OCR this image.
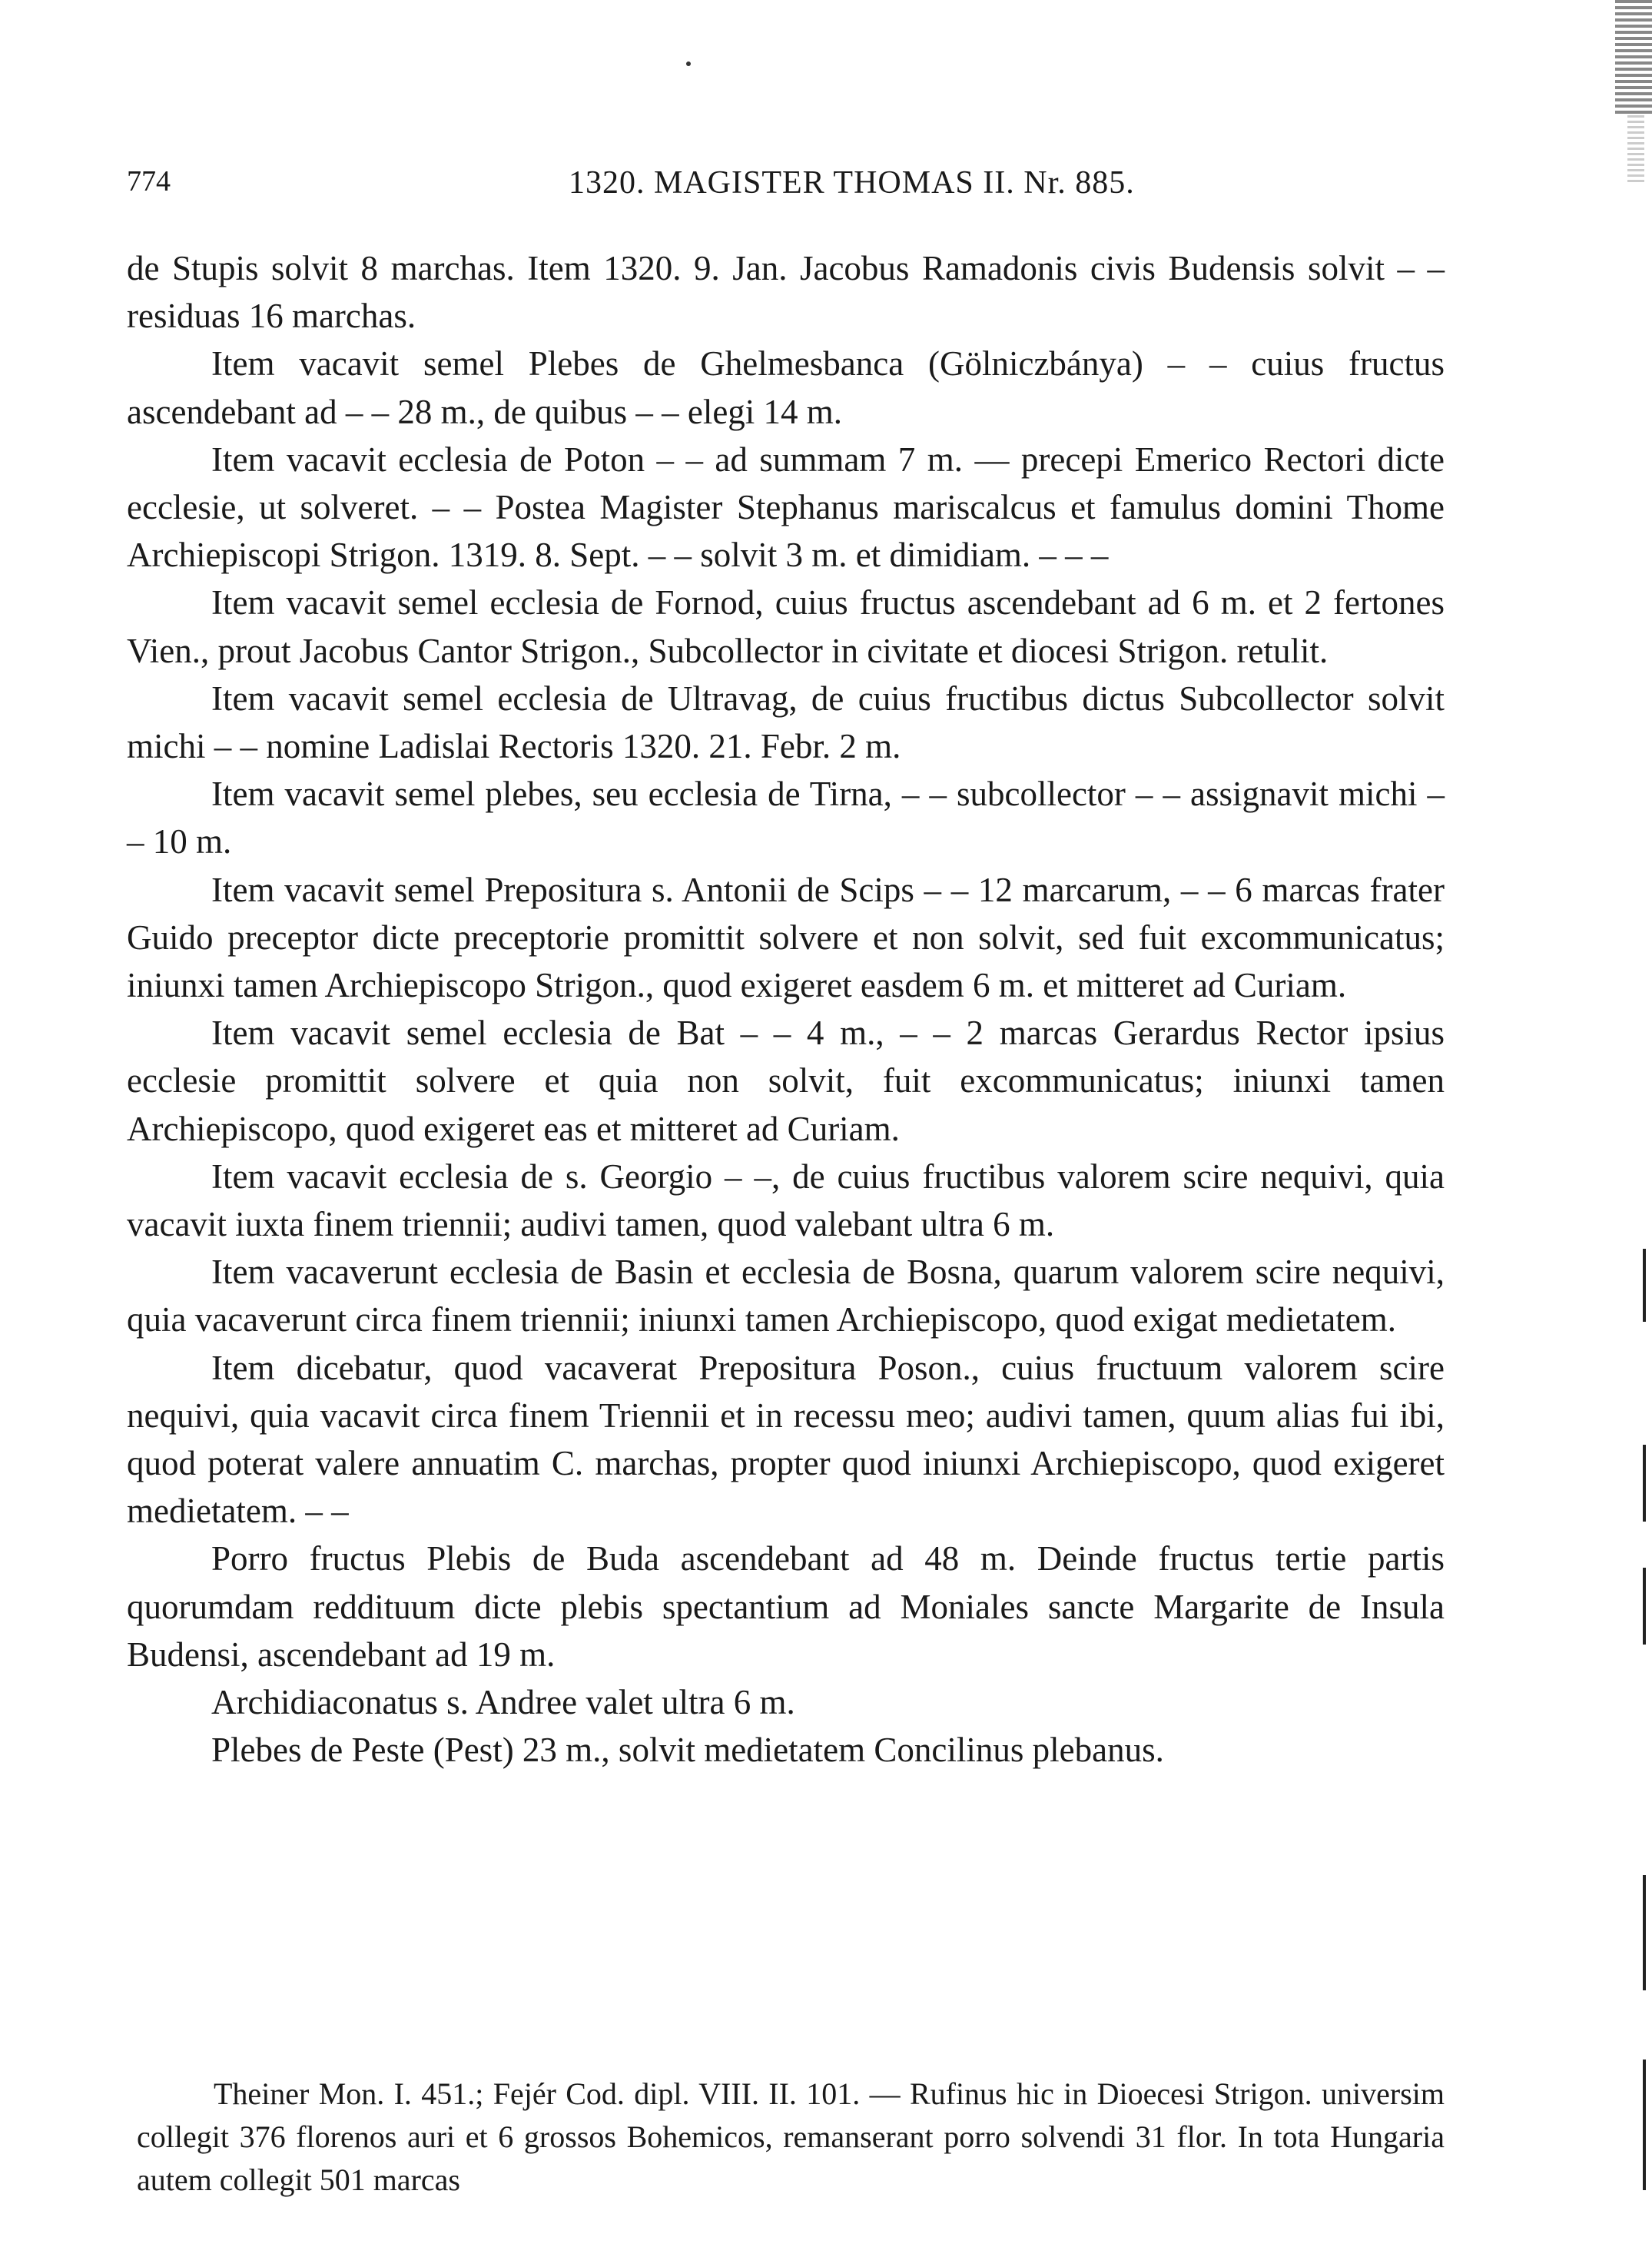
774	1320. MAGISTER THOMAS II. Nr. 885.

de Stupis solvit 8 marchas. Item 1320. 9. Jan. Jacobus Ramadonis civis Budensis solvit – – residuas 16 marchas.

Item vacavit semel Plebes de Ghelmesbanca (Gölniczbánya) – – cuius fructus ascendebant ad – – 28 m., de quibus – – elegi 14 m.

Item vacavit ecclesia de Poton – – ad summam 7 m. — precepi Emerico Rectori dicte ecclesie, ut solveret. – – Postea Magister Stephanus mariscalcus et famulus domini Thome Archiepiscopi Strigon. 1319. 8. Sept. – – solvit 3 m. et dimidiam. – – –

Item vacavit semel ecclesia de Fornod, cuius fructus ascendebant ad 6 m. et 2 fertones Vien., prout Jacobus Cantor Strigon., Subcollector in civitate et diocesi Strigon. retulit.

Item vacavit semel ecclesia de Ultravag, de cuius fructibus dictus Subcollector solvit michi – – nomine Ladislai Rectoris 1320. 21. Febr. 2 m.

Item vacavit semel plebes, seu ecclesia de Tirna, – – subcollector – – assignavit michi – – 10 m.

Item vacavit semel Prepositura s. Antonii de Scips – – 12 marcarum, – – 6 marcas frater Guido preceptor dicte preceptorie promittit solvere et non solvit, sed fuit excommunicatus; iniunxi tamen Archiepiscopo Strigon., quod exigeret easdem 6 m. et mitteret ad Curiam.

Item vacavit semel ecclesia de Bat – – 4 m., – – 2 marcas Gerardus Rector ipsius ecclesie promittit solvere et quia non solvit, fuit excommunicatus; iniunxi tamen Archiepiscopo, quod exigeret eas et mitteret ad Curiam.

Item vacavit ecclesia de s. Georgio – –, de cuius fructibus valorem scire nequivi, quia vacavit iuxta finem triennii; audivi tamen, quod valebant ultra 6 m.

Item vacaverunt ecclesia de Basin et ecclesia de Bosna, quarum valorem scire nequivi, quia vacaverunt circa finem triennii; iniunxi tamen Archiepiscopo, quod exigat medietatem.

Item dicebatur, quod vacaverat Prepositura Poson., cuius fructuum valorem scire nequivi, quia vacavit circa finem Triennii et in recessu meo; audivi tamen, quum alias fui ibi, quod poterat valere annuatim C. marchas, propter quod iniunxi Archiepiscopo, quod exigeret medietatem. – –

Porro fructus Plebis de Buda ascendebant ad 48 m. Deinde fructus tertie partis quorumdam reddituum dicte plebis spectantium ad Moniales sancte Margarite de Insula Budensi, ascendebant ad 19 m.

Archidiaconatus s. Andree valet ultra 6 m.

Plebes de Peste (Pest) 23 m., solvit medietatem Concilinus plebanus.

Theiner Mon. I. 451.; Fejér Cod. dipl. VIII. II. 101. — Rufinus hic in Dioecesi Strigon. universim collegit 376 florenos auri et 6 grossos Bohemicos, remanserant porro solvendi 31 flor. In tota Hungaria autem collegit 501 marcas
